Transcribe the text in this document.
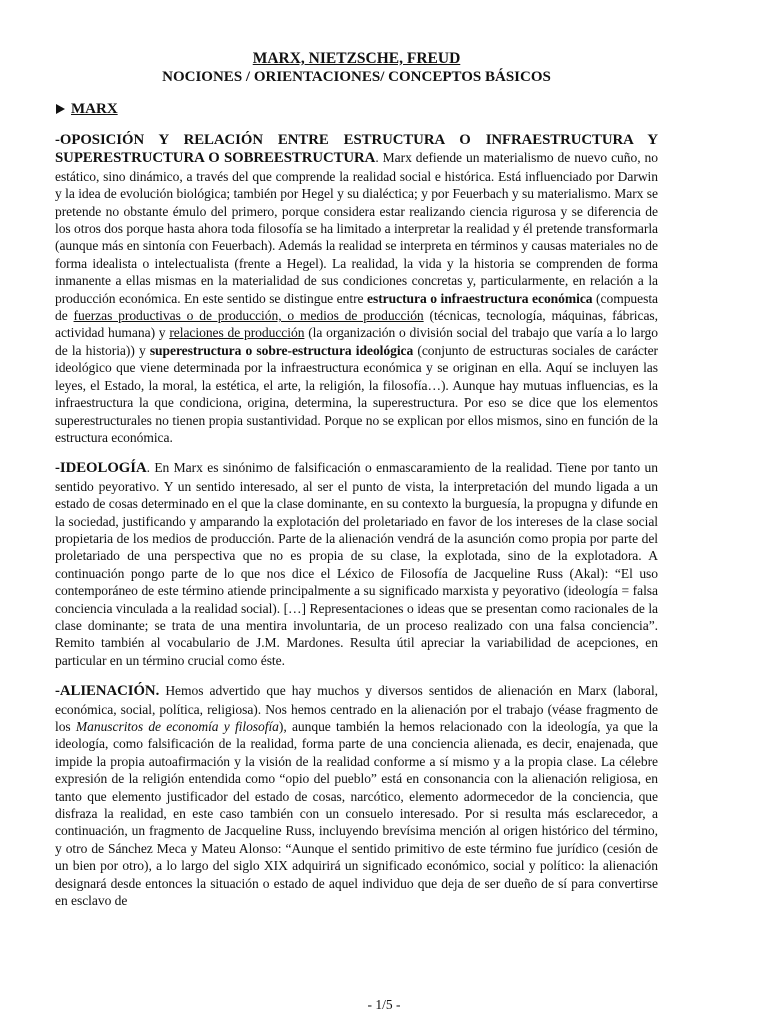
MARX, NIETZSCHE, FREUD

NOCIONES / ORIENTACIONES/ CONCEPTOS BÁSICOS

MARX

-OPOSICIÓN Y RELACIÓN ENTRE ESTRUCTURA O INFRAESTRUCTURA Y SUPERESTRUCTURA O SOBREESTRUCTURA. Marx defiende un materialismo de nuevo cuño, no estático, sino dinámico, a través del que comprende la realidad social e histórica. Está influenciado por Darwin y la idea de evolución biológica; también por Hegel y su dialéctica; y por Feuerbach y su materialismo. Marx se pretende no obstante émulo del primero, porque considera estar realizando ciencia rigurosa y se diferencia de los otros dos porque hasta ahora toda filosofía se ha limitado a interpretar la realidad y él pretende transformarla (aunque más en sintonía con Feuerbach). Además la realidad se interpreta en términos y causas materiales no de forma idealista o intelectualista (frente a Hegel). La realidad, la vida y la historia se comprenden de forma inmanente a ellas mismas en la materialidad de sus condiciones concretas y, particularmente, en relación a la producción económica. En este sentido se distingue entre estructura o infraestructura económica (compuesta de fuerzas productivas o de producción, o medios de producción (técnicas, tecnología, máquinas, fábricas, actividad humana) y relaciones de producción (la organización o división social del trabajo que varía a lo largo de la historia)) y superestructura o sobre-estructura ideológica (conjunto de estructuras sociales de carácter ideológico que viene determinada por la infraestructura económica y se originan en ella. Aquí se incluyen las leyes, el Estado, la moral, la estética, el arte, la religión, la filosofía…). Aunque hay mutuas influencias, es la infraestructura la que condiciona, origina, determina, la superestructura. Por eso se dice que los elementos superestructurales no tienen propia sustantividad. Porque no se explican por ellos mismos, sino en función de la estructura económica.

-IDEOLOGÍA. En Marx es sinónimo de falsificación o enmascaramiento de la realidad. Tiene por tanto un sentido peyorativo. Y un sentido interesado, al ser el punto de vista, la interpretación del mundo ligada a un estado de cosas determinado en el que la clase dominante, en su contexto la burguesía, la propugna y difunde en la sociedad, justificando y amparando la explotación del proletariado en favor de los intereses de la clase social propietaria de los medios de producción. Parte de la alienación vendrá de la asunción como propia por parte del proletariado de una perspectiva que no es propia de su clase, la explotada, sino de la explotadora. A continuación pongo parte de lo que nos dice el Léxico de Filosofía de Jacqueline Russ (Akal): “El uso contemporáneo de este término atiende principalmente a su significado marxista y peyorativo (ideología = falsa conciencia vinculada a la realidad social). […] Representaciones o ideas que se presentan como racionales de la clase dominante; se trata de una mentira involuntaria, de un proceso realizado con una falsa conciencia”. Remito también al vocabulario de J.M. Mardones. Resulta útil apreciar la variabilidad de acepciones, en particular en un término crucial como éste.

-ALIENACIÓN. Hemos advertido que hay muchos y diversos sentidos de alienación en Marx (laboral, económica, social, política, religiosa). Nos hemos centrado en la alienación por el trabajo (véase fragmento de los Manuscritos de economía y filosofía), aunque también la hemos relacionado con la ideología, ya que la ideología, como falsificación de la realidad, forma parte de una conciencia alienada, es decir, enajenada, que impide la propia autoafirmación y la visión de la realidad conforme a sí mismo y a la propia clase. La célebre expresión de la religión entendida como “opio del pueblo” está en consonancia con la alienación religiosa, en tanto que elemento justificador del estado de cosas, narcótico, elemento adormecedor de la conciencia, que disfraza la realidad, en este caso también con un consuelo interesado. Por si resulta más esclarecedor, a continuación, un fragmento de Jacqueline Russ, incluyendo brevísima mención al origen histórico del término, y otro de Sánchez Meca y Mateu Alonso: “Aunque el sentido primitivo de este término fue jurídico (cesión de un bien por otro), a lo largo del siglo XIX adquirirá un significado económico, social y político: la alienación designará desde entonces la situación o estado de aquel individuo que deja de ser dueño de sí para convertirse en esclavo de

- 1/5 -
